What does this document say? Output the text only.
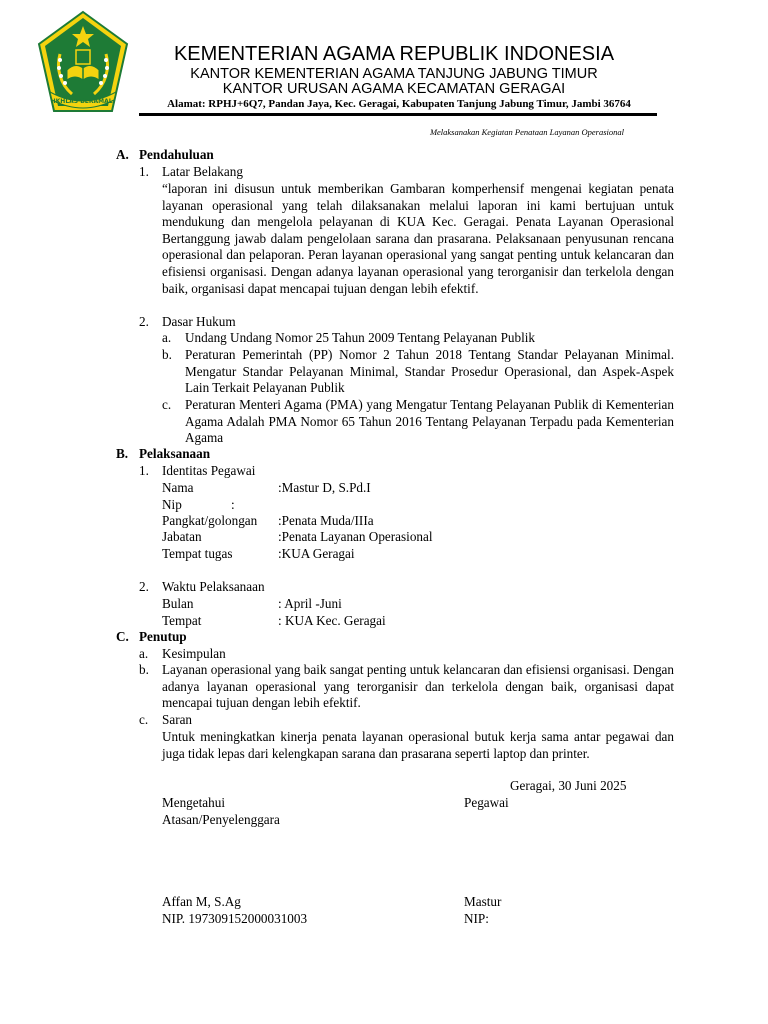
IKHLAS BERAMAL
KEMENTERIAN AGAMA REPUBLIK INDONESIA
KANTOR KEMENTERIAN AGAMA TANJUNG JABUNG TIMUR
KANTOR URUSAN AGAMA KECAMATAN GERAGAI
Alamat: RPHJ+6Q7, Pandan Jaya, Kec. Geragai, Kabupaten Tanjung Jabung Timur, Jambi 36764
Melaksanakan Kegiatan Penataan Layanan Operasional
A. Pendahuluan
1. Latar Belakang
“laporan ini disusun untuk memberikan Gambaran komperhensif mengenai kegiatan penata layanan operasional yang telah dilaksanakan melalui laporan ini kami bertujuan untuk mendukung dan mengelola pelayanan di KUA Kec. Geragai. Penata Layanan Operasional Bertanggung jawab dalam pengelolaan sarana dan prasarana. Pelaksanaan penyusunan rencana operasional dan pelaporan. Peran layanan operasional yang sangat penting untuk kelancaran dan efisiensi organisasi. Dengan adanya layanan operasional yang terorganisir dan terkelola dengan baik, organisasi dapat mencapai tujuan dengan lebih efektif.
2. Dasar Hukum
a. Undang Undang Nomor 25 Tahun 2009 Tentang Pelayanan Publik
b. Peraturan Pemerintah (PP) Nomor 2 Tahun 2018 Tentang Standar Pelayanan Minimal. Mengatur Standar Pelayanan Minimal, Standar Prosedur Operasional, dan Aspek-Aspek Lain Terkait Pelayanan Publik
c. Peraturan Menteri Agama (PMA) yang Mengatur Tentang Pelayanan Publik di Kementerian Agama Adalah PMA Nomor 65 Tahun 2016 Tentang Pelayanan Terpadu pada Kementerian Agama
B. Pelaksanaan
1. Identitas Pegawai
Nama	:Mastur D, S.Pd.I
Nip	:
Pangkat/golongan :Penata Muda/IIIa
Jabatan	:Penata Layanan Operasional
Tempat tugas	:KUA Geragai
2. Waktu Pelaksanaan
Bulan	: April -Juni
Tempat	: KUA Kec. Geragai
C. Penutup
a. Kesimpulan
b. Layanan operasional yang baik sangat penting untuk kelancaran dan efisiensi organisasi. Dengan adanya layanan operasional yang terorganisir dan terkelola dengan baik, organisasi dapat mencapai tujuan dengan lebih efektif.
c. Saran
Untuk meningkatkan kinerja penata layanan operasional butuk kerja sama antar pegawai dan juga tidak lepas dari kelengkapan sarana dan prasarana seperti laptop dan printer.
Geragai, 30 Juni 2025
Mengetahui	Pegawai
Atasan/Penyelenggara
Affan M, S.Ag	Mastur
NIP. 197309152000031003	NIP:
